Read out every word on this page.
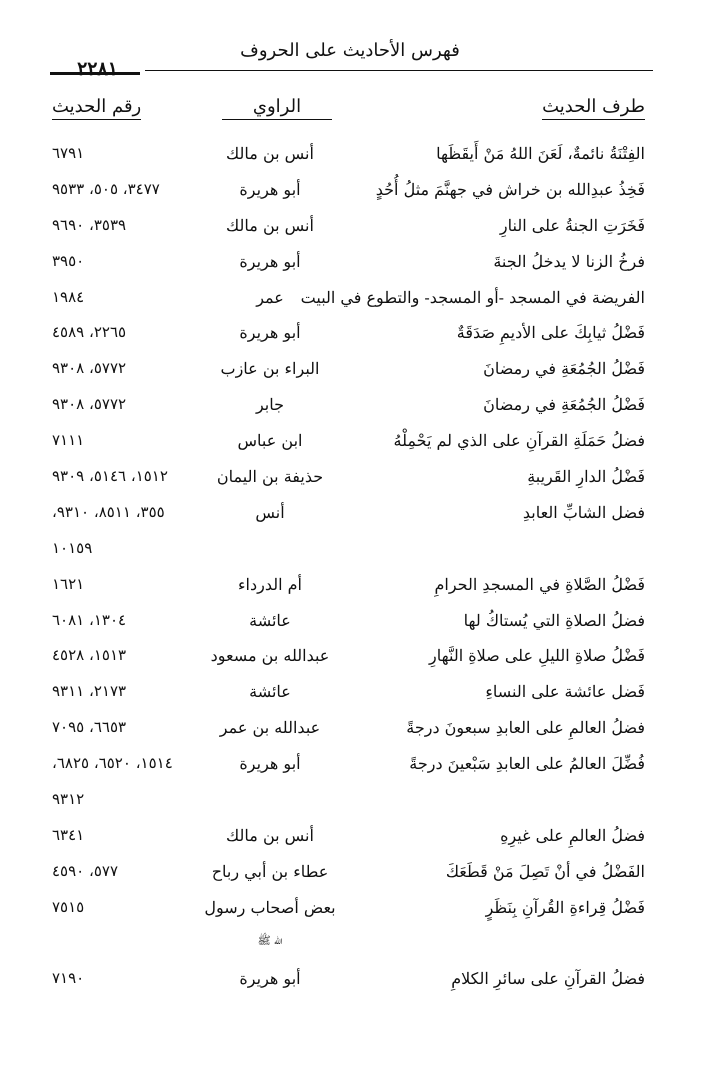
فهرس الأحاديث على الحروف
٢٢٨١
طرف الحديث
الراوي
رقم الحديث
الفِتْنَةُ نائمةٌ، لَعَنَ اللهُ مَنْ أَيقَظَها
أنس بن مالك
٦٧٩١
فَخِذُ عبدِالله بن خراش في جهنَّمَ مثلُ أُحُدٍ
أبو هريرة
٣٤٧٧، ٥٠٥، ٩٥٣٣
فَخَرَتِ الجنةُ على النارِ
أنس بن مالك
٣٥٣٩، ٩٦٩٠
فرخُ الزنا لا يدخلُ الجنةَ
أبو هريرة
٣٩٥٠
الفريضة في المسجد -أو المسجد- والتطوع في البيت
عمر
١٩٨٤
فَضْلُ ثيابِكَ على الأديمِ صَدَقَةٌ
أبو هريرة
٢٢٦٥، ٤٥٨٩
فَضْلُ الجُمُعَةِ في رمضانَ
البراء بن عازب
٥٧٧٢، ٩٣٠٨
فَضْلُ الجُمُعَةِ في رمضانَ
جابر
٥٧٧٢، ٩٣٠٨
فضلُ حَمَلَةِ القرآنِ على الذي لم يَحْمِلْهُ
ابن عباس
٧١١١
فَضْلُ الدارِ القَريبةِ
حذيفة بن اليمان
١٥١٢، ٥١٤٦، ٩٣٠٩
فضل الشابِّ العابدِ
أنس
٣٥٥، ٨٥١١، ٩٣١٠،
١٠١٥٩
فَضْلُ الصَّلاةِ في المسجدِ الحرامِ
أم الدرداء
١٦٢١
فضلُ الصلاةِ التي يُستاكُ لها
عائشة
١٣٠٤، ٦٠٨١
فَضْلُ صلاةِ الليلِ على صلاةِ النَّهارِ
عبدالله بن مسعود
١٥١٣، ٤٥٢٨
فَضل عائشة على النساءِ
عائشة
٢١٧٣، ٩٣١١
فضلُ العالمِ على العابدِ سبعونَ درجةً
عبدالله بن عمر
٦٦٥٣، ٧٠٩٥
فُضِّلَ العالمُ على العابدِ سَبْعينَ درجةً
أبو هريرة
١٥١٤، ٦٥٢٠، ٦٨٢٥،
٩٣١٢
فضلُ العالمِ على غيرِهِ
أنس بن مالك
٦٣٤١
الفَضْلُ في أنْ تَصِلَ مَنْ قَطَعَكَ
عطاء بن أبي رباح
٥٧٧، ٤٥٩٠
فَضْلُ قِراءةِ القُرآنِ بِنَظَرٍ
بعض أصحاب رسول
٧٥١٥
الله ﷺ
فضلُ القرآنِ على سائرِ الكلامِ
أبو هريرة
٧١٩٠
